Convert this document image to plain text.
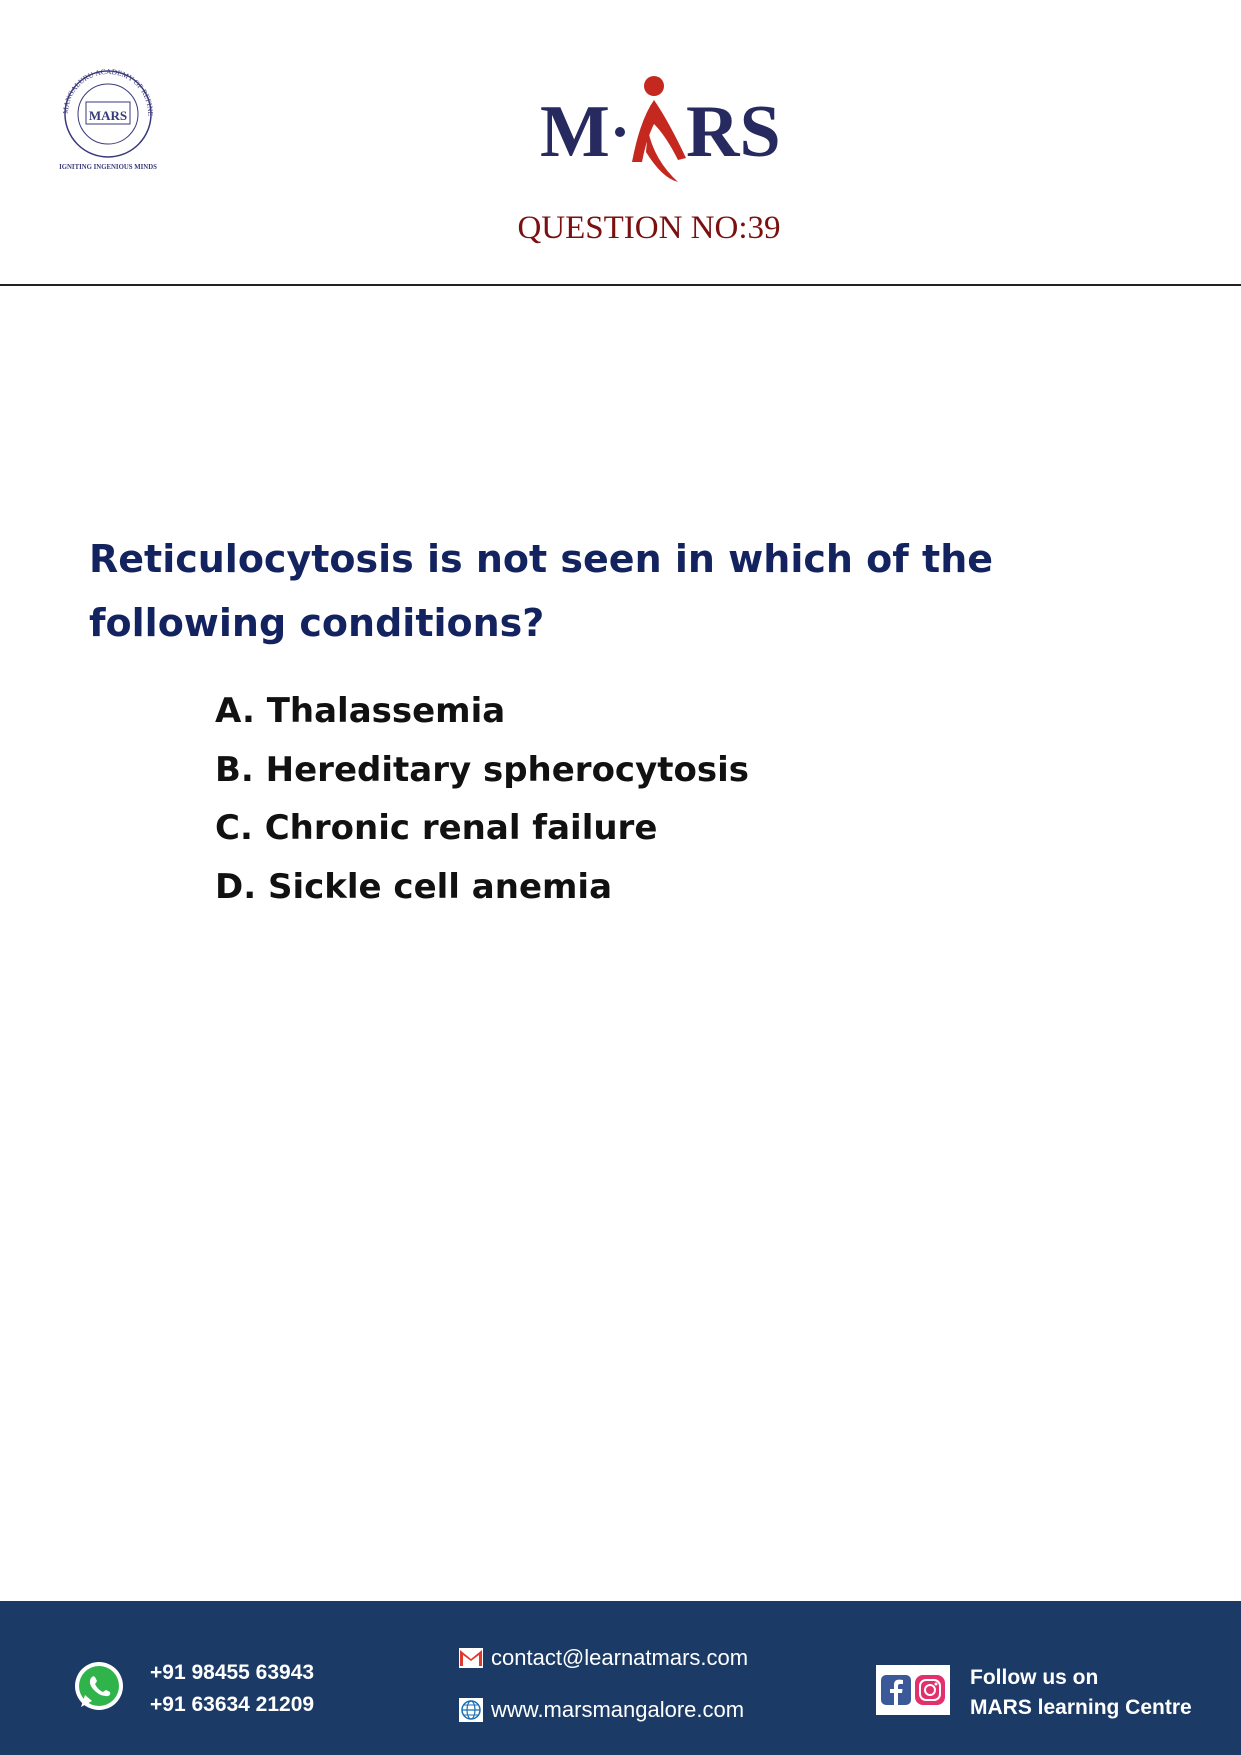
MANGALURU ACADEMY OF REFINE
MARS
IGNITING INGENIOUS MINDS	M RS
QUESTION NO:39
Reticulocytosis is not seen in which of the following conditions?
A. Thalassemia
B. Hereditary spherocytosis
C. Chronic renal failure
D. Sickle cell anemia
+91 98455 63943
+91 63634 21209
contact@learnatmars.com
www.marsmangalore.com
Follow us on
MARS learning Centre
